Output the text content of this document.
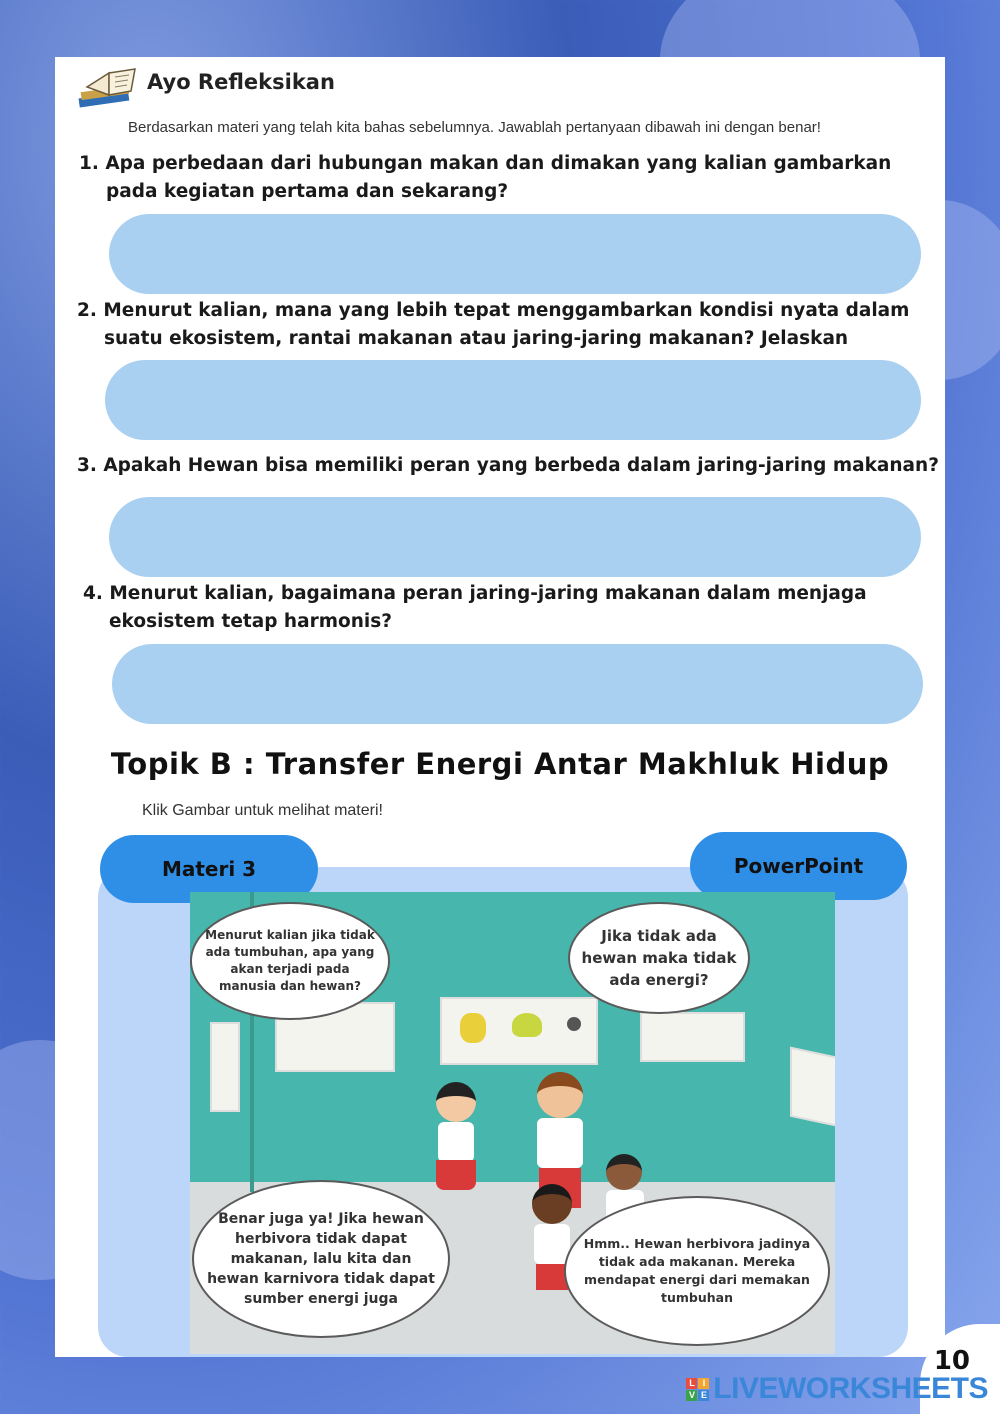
Ayo Refleksikan
Berdasarkan materi yang telah kita bahas sebelumnya. Jawablah pertanyaan dibawah ini dengan benar!
1. Apa perbedaan dari hubungan makan dan dimakan yang kalian gambarkan
pada kegiatan pertama dan sekarang?
2. Menurut kalian, mana yang lebih tepat menggambarkan kondisi nyata dalam
suatu ekosistem, rantai makanan atau jaring-jaring makanan? Jelaskan
3. Apakah Hewan bisa memiliki peran yang berbeda dalam jaring-jaring makanan?
4. Menurut kalian, bagaimana peran jaring-jaring makanan dalam menjaga
ekosistem tetap harmonis?
Topik B : Transfer Energi Antar Makhluk Hidup
Klik Gambar untuk melihat materi!
Materi 3	PowerPoint
Menurut kalian jika tidak ada tumbuhan, apa yang akan terjadi pada manusia dan hewan?
Jika tidak ada hewan maka tidak ada energi?
Benar juga ya! Jika hewan herbivora tidak dapat makanan, lalu kita dan hewan karnivora tidak dapat sumber energi juga
Hmm.. Hewan herbivora jadinya tidak ada makanan. Mereka mendapat energi dari memakan tumbuhan
10
L I
V E LIVEWORKSHEETS
